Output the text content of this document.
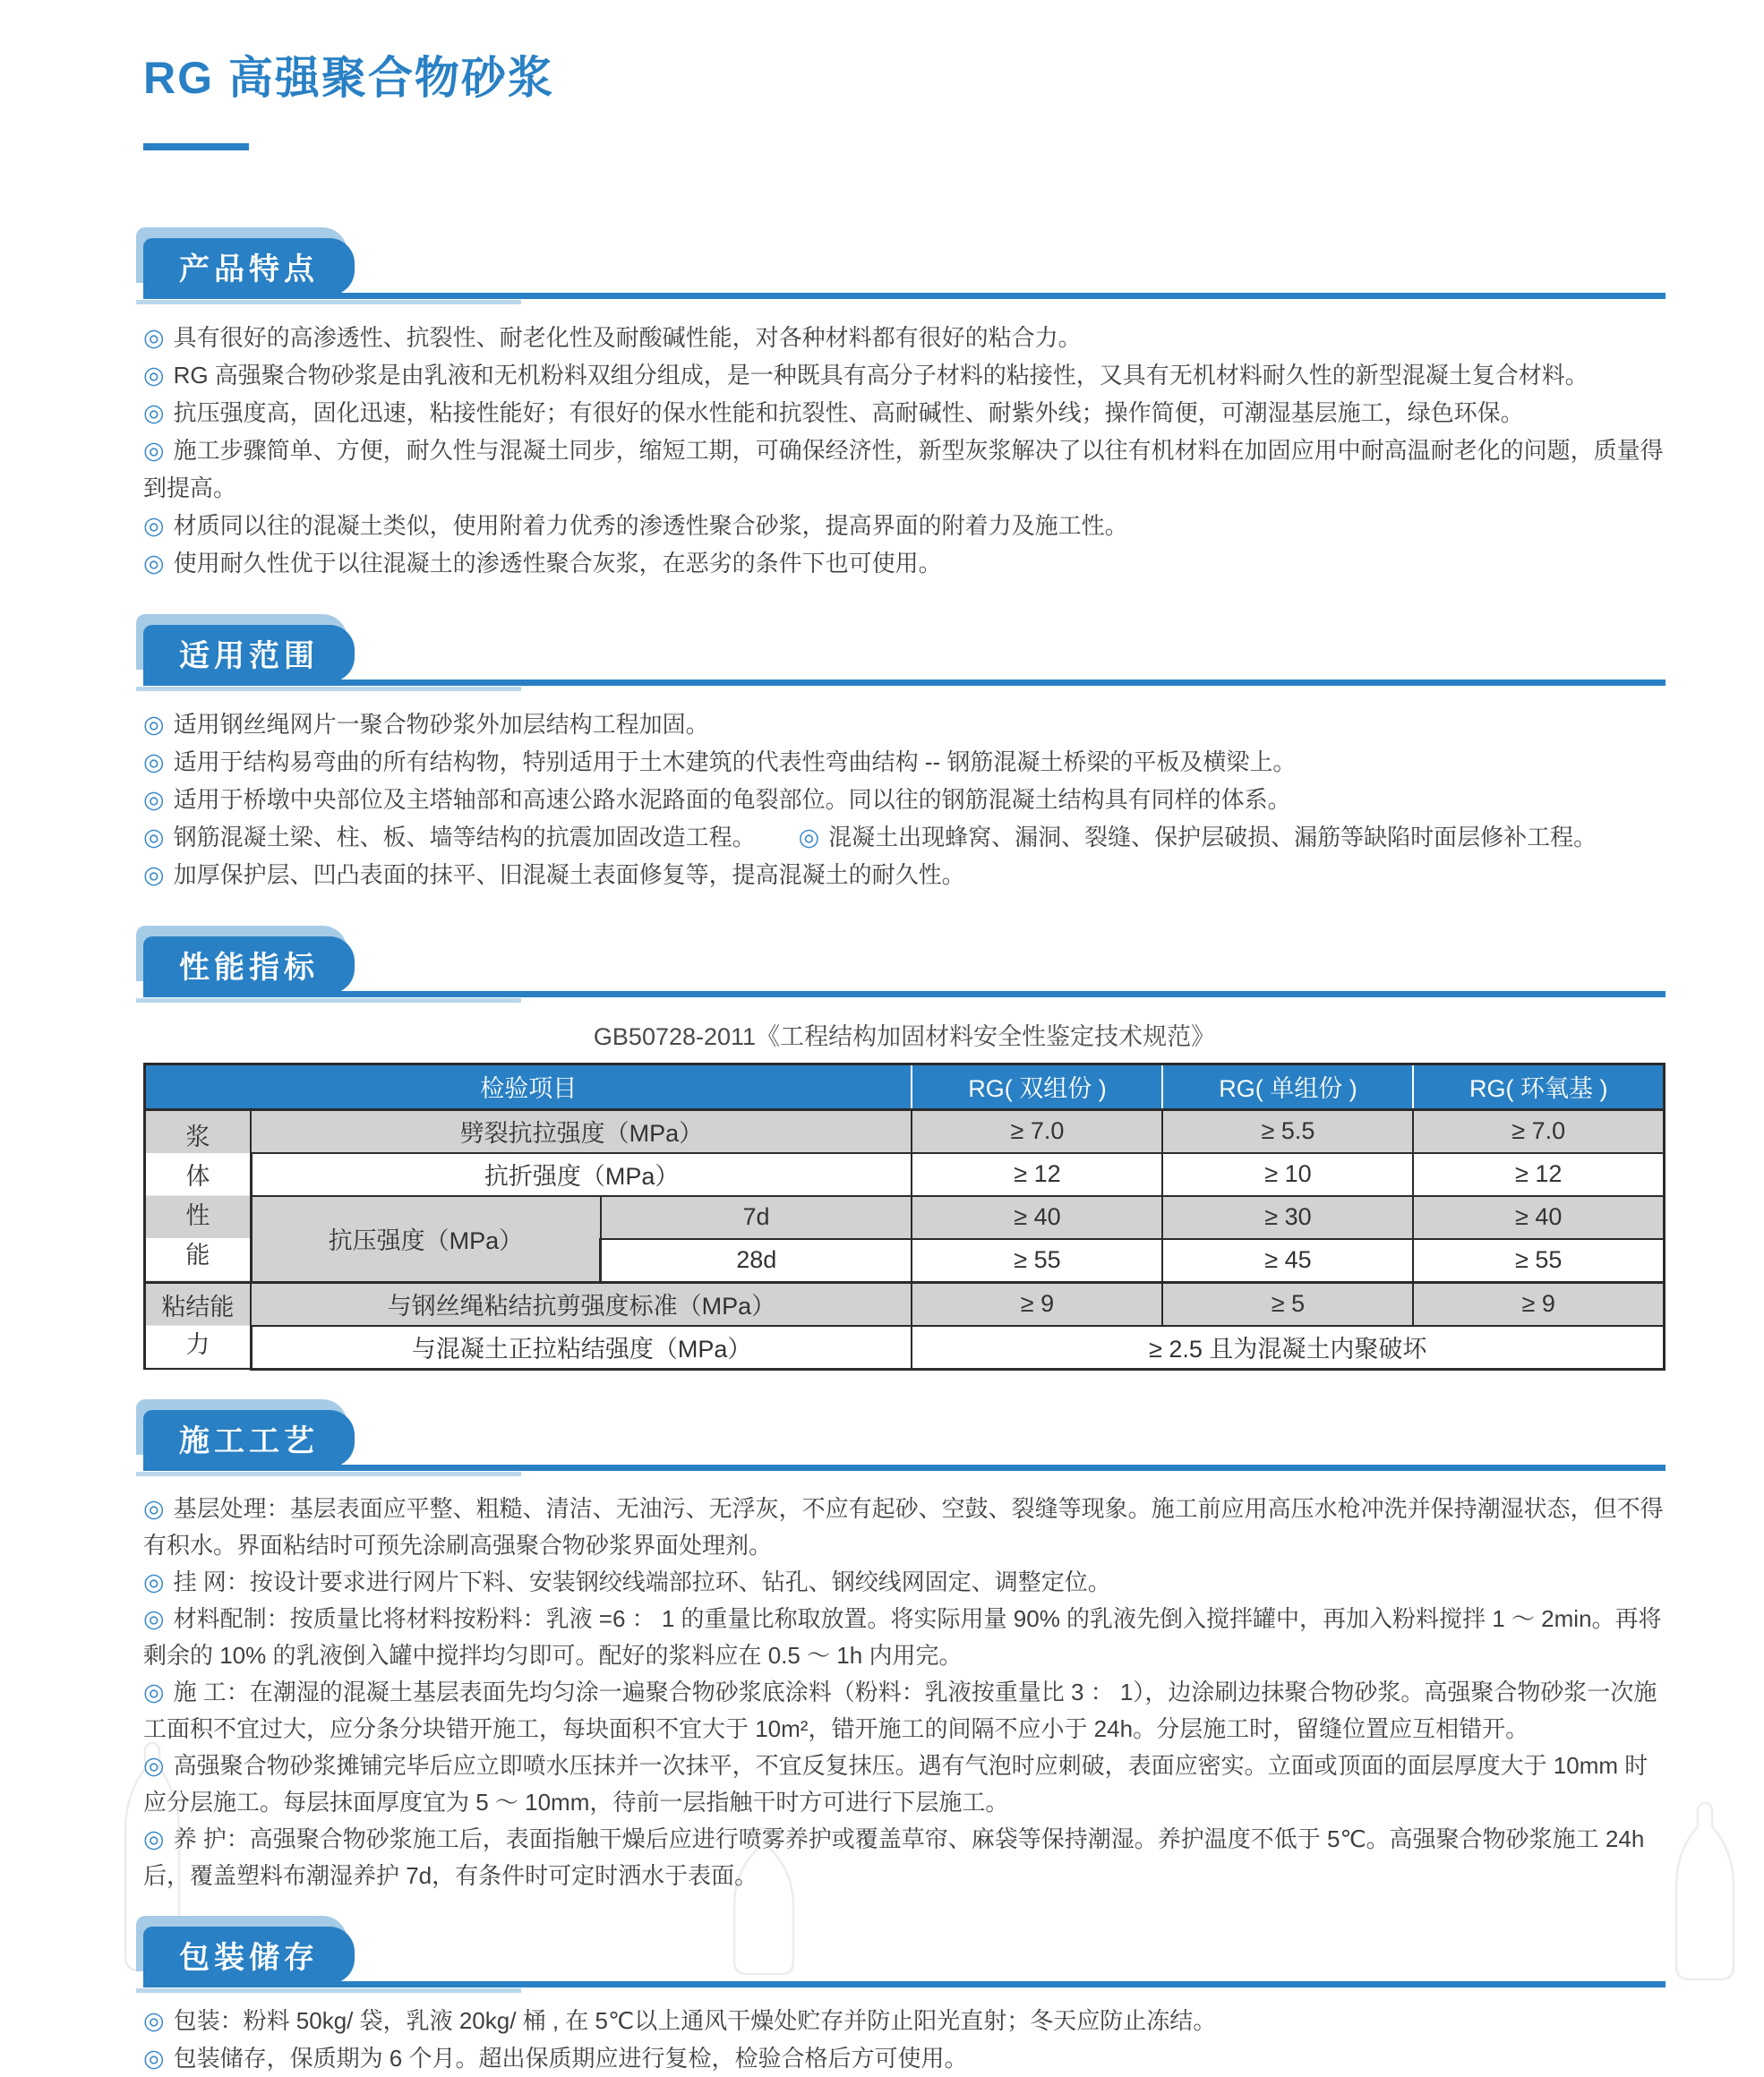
RG 高强聚合物砂浆
产品特点

◎ 具有很好的高渗透性、抗裂性、耐老化性及耐酸碱性能，对各种材料都有很好的粘合力。

◎ RG 高强聚合物砂浆是由乳液和无机粉料双组分组成，是一种既具有高分子材料的粘接性，又具有无机材料耐久性的新型混凝土复合材料。

◎ 抗压强度高，固化迅速，粘接性能好；有很好的保水性能和抗裂性、高耐碱性、耐紫外线；操作简便，可潮湿基层施工，绿色环保。

◎ 施工步骤简单、方便，耐久性与混凝土同步，缩短工期，可确保经济性，新型灰浆解决了以往有机材料在加固应用中耐高温耐老化的问题，质量得到提高。

◎ 材质同以往的混凝土类似，使用附着力优秀的渗透性聚合砂浆，提高界面的附着力及施工性。

◎ 使用耐久性优于以往混凝土的渗透性聚合灰浆，在恶劣的条件下也可使用。

适用范围

◎ 适用钢丝绳网片一聚合物砂浆外加层结构工程加固。

◎ 适用于结构易弯曲的所有结构物，特别适用于土木建筑的代表性弯曲结构 -- 钢筋混凝土桥梁的平板及横梁上。

◎ 适用于桥墩中央部位及主塔轴部和高速公路水泥路面的龟裂部位。同以往的钢筋混凝土结构具有同样的体系。

◎ 钢筋混凝土梁、柱、板、墙等结构的抗震加固改造工程。 ◎ 混凝土出现蜂窝、漏洞、裂缝、保护层破损、漏筋等缺陷时面层修补工程。

◎ 加厚保护层、凹凸表面的抹平、旧混凝土表面修复等，提高混凝土的耐久性。

性能指标
GB50728-2011《工程结构加固材料安全性鉴定技术规范》
检验项目			RG( 双组份 )	RG( 单组份 )	RG( 环氧基 )

浆体性能	劈裂抗拉强度（MPa）		≥ 7.0	≥ 5.5	≥ 7.0
	抗折强度（MPa）		≥ 12	≥ 10	≥ 12
	抗压强度（MPa）	7d	≥ 40	≥ 30	≥ 40
		28d	≥ 55	≥ 45	≥ 55

粘结能力	与钢丝绳粘结抗剪强度标准（MPa）		≥ 9	≥ 5	≥ 9
	与混凝土正拉粘结强度（MPa）		≥ 2.5 且为混凝土内聚破坏		
施工工艺

◎ 基层处理：基层表面应平整、粗糙、清洁、无油污、无浮灰，不应有起砂、空鼓、裂缝等现象。施工前应用高压水枪冲洗并保持潮湿状态，但不得有积水。界面粘结时可预先涂刷高强聚合物砂浆界面处理剂。

◎ 挂 网：按设计要求进行网片下料、安装钢绞线端部拉环、钻孔、钢绞线网固定、调整定位。

◎ 材料配制：按质量比将材料按粉料：乳液 =6 ： 1 的重量比称取放置。将实际用量 90% 的乳液先倒入搅拌罐中，再加入粉料搅拌 1 ～ 2min。再将剩余的 10% 的乳液倒入罐中搅拌均匀即可。配好的浆料应在 0.5 ～ 1h 内用完。

◎ 施 工：在潮湿的混凝土基层表面先均匀涂一遍聚合物砂浆底涂料（粉料：乳液按重量比 3 ： 1），边涂刷边抹聚合物砂浆。高强聚合物砂浆一次施工面积不宜过大，应分条分块错开施工，每块面积不宜大于 10m²，错开施工的间隔不应小于 24h。分层施工时，留缝位置应互相错开。

◎ 高强聚合物砂浆摊铺完毕后应立即喷水压抹并一次抹平，不宜反复抹压。遇有气泡时应刺破，表面应密实。立面或顶面的面层厚度大于 10mm 时应分层施工。每层抹面厚度宜为 5 ～ 10mm，待前一层指触干时方可进行下层施工。

◎ 养 护：高强聚合物砂浆施工后，表面指触干燥后应进行喷雾养护或覆盖草帘、麻袋等保持潮湿。养护温度不低于 5℃。高强聚合物砂浆施工 24h 后，覆盖塑料布潮湿养护 7d，有条件时可定时洒水于表面。

包装储存

◎ 包装：粉料 50kg/ 袋，乳液 20kg/ 桶 , 在 5℃以上通风干燥处贮存并防止阳光直射；冬天应防止冻结。

◎ 包装储存，保质期为 6 个月。超出保质期应进行复检，检验合格后方可使用。
